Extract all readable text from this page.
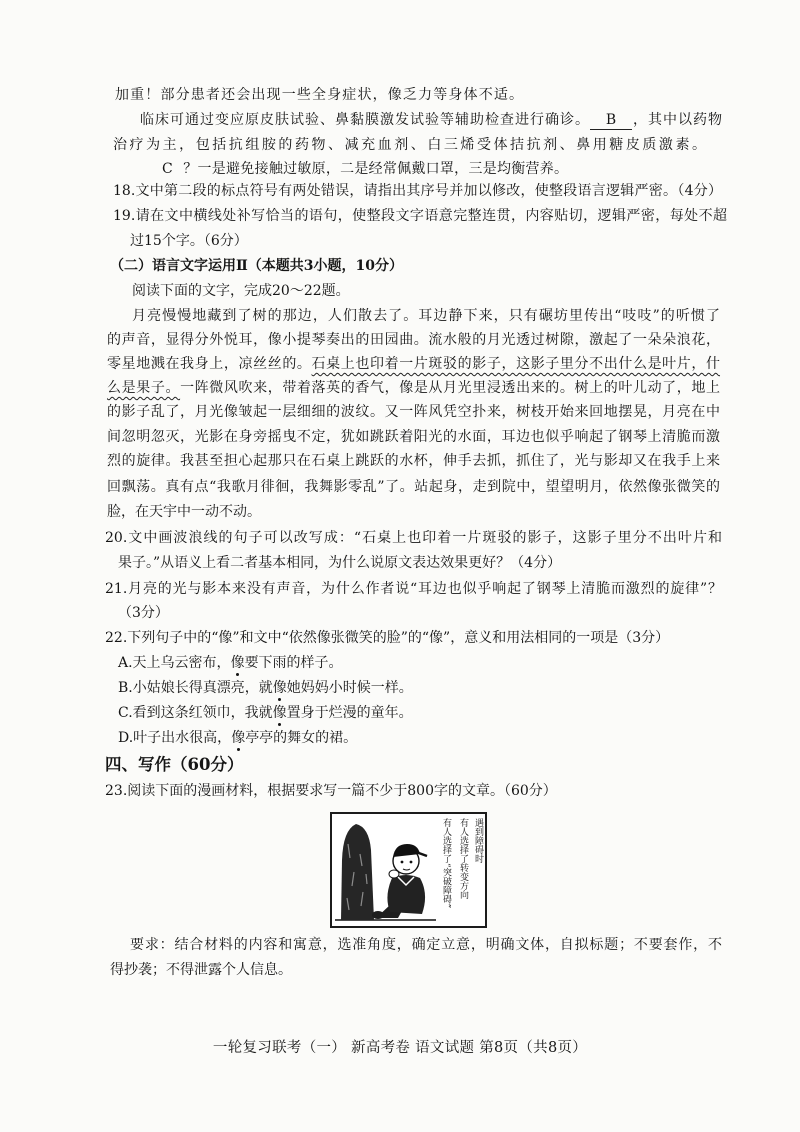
加重！部分患者还会出现一些全身症状，像乏力等身体不适。
临床可通过变应原皮肤试验、鼻黏膜激发试验等辅助检查进行确诊。 B ，其中以药物
治疗为主，包括抗组胺的药物、减充血剂、白三烯受体拮抗剂、鼻用糖皮质激素。
C ？一是避免接触过敏原，二是经常佩戴口罩，三是均衡营养。
18.文中第二段的标点符号有两处错误，请指出其序号并加以修改，使整段语言逻辑严密。（4分）
19.请在文中横线处补写恰当的语句，使整段文字语意完整连贯，内容贴切，逻辑严密，每处不超
过15个字。（6分）
（二）语言文字运用Ⅱ（本题共3小题，10分）
阅读下面的文字，完成20～22题。
月亮慢慢地藏到了树的那边，人们散去了。耳边静下来，只有碾坊里传出“吱吱”的听惯了
的声音，显得分外悦耳，像小提琴奏出的田园曲。流水般的月光透过树隙，激起了一朵朵浪花，
零星地溅在我身上，凉丝丝的。石桌上也印着一片斑驳的影子，这影子里分不出什么是叶片，什
么是果子。一阵微风吹来，带着落英的香气，像是从月光里浸透出来的。树上的叶儿动了，地上
的影子乱了，月光像皱起一层细细的波纹。又一阵风凭空扑来，树枝开始来回地摆晃，月亮在中
间忽明忽灭，光影在身旁摇曳不定，犹如跳跃着阳光的水面，耳边也似乎响起了钢琴上清脆而激
烈的旋律。我甚至担心起那只在石桌上跳跃的水杯，伸手去抓，抓住了，光与影却又在我手上来
回飘荡。真有点“我歌月徘徊，我舞影零乱”了。站起身，走到院中，望望明月，依然像张微笑的
脸，在天宇中一动不动。
20.文中画波浪线的句子可以改写成：“石桌上也印着一片斑驳的影子，这影子里分不出叶片和
果子。”从语义上看二者基本相同，为什么说原文表达效果更好？（4分）
21.月亮的光与影本来没有声音，为什么作者说“耳边也似乎响起了钢琴上清脆而激烈的旋律”？
（3分）
22.下列句子中的“像”和文中“依然像张微笑的脸”的“像”，意义和用法相同的一项是（3分）
A.天上乌云密布，像要下雨的样子。
B.小姑娘长得真漂亮，就像她妈妈小时候一样。
C.看到这条红领巾，我就像置身于烂漫的童年。
D.叶子出水很高，像亭亭的舞女的裙。
四、写作（60分）
23.阅读下面的漫画材料，根据要求写一篇不少于800字的文章。（60分）
遇到障碍时
有人选择了转变方向
有人选择了“突破障碍”
要求：结合材料的内容和寓意，选准角度，确定立意，明确文体，自拟标题；不要套作，不
得抄袭；不得泄露个人信息。
一轮复习联考（一） 新高考卷 语文试题 第8页（共8页）
